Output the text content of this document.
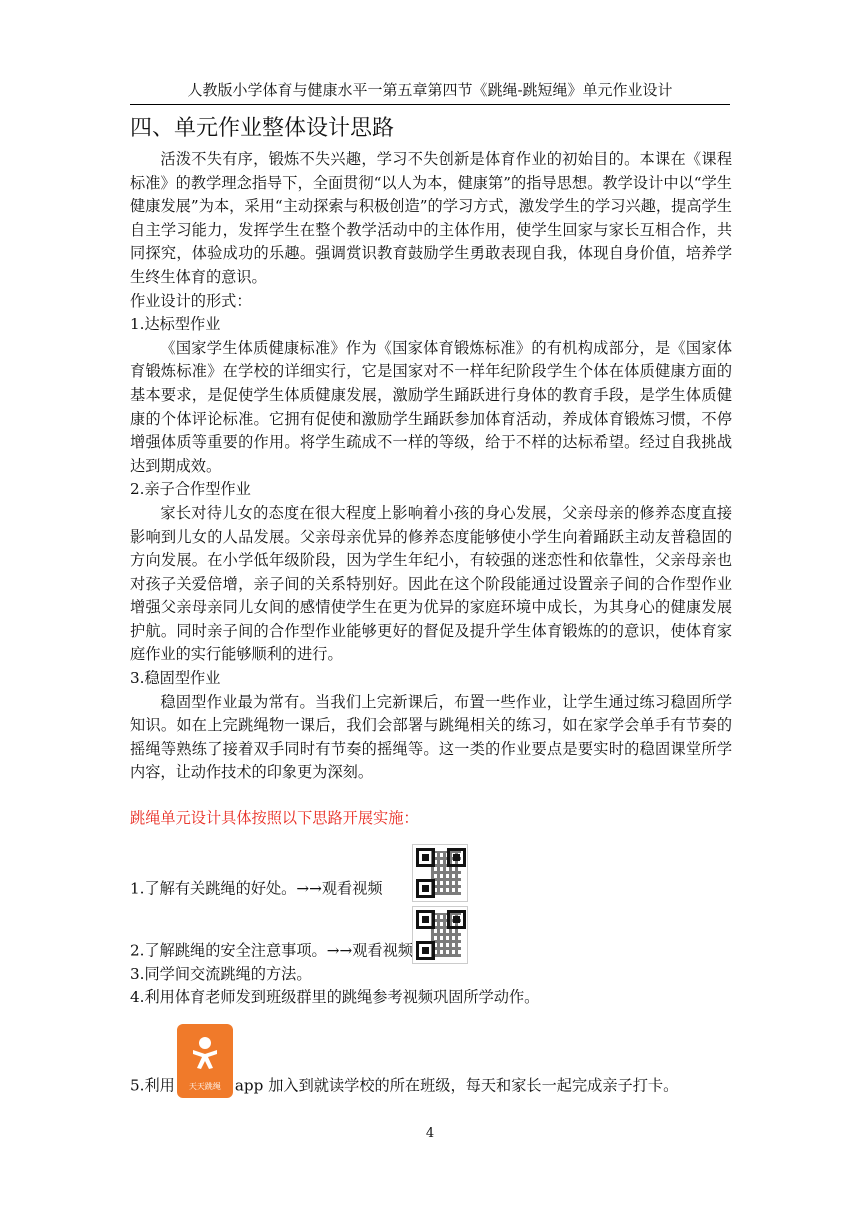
人教版小学体育与健康水平一第五章第四节《跳绳-跳短绳》单元作业设计
四、单元作业整体设计思路

活泼不失有序，锻炼不失兴趣，学习不失创新是体育作业的初始目的。本课在《课程标准》的教学理念指导下，全面贯彻“以人为本，健康第”的指导思想。教学设计中以“学生健康发展”为本，采用“主动探索与积极创造”的学习方式，激发学生的学习兴趣，提高学生自主学习能力，发挥学生在整个教学活动中的主体作用，使学生回家与家长互相合作，共同探究，体验成功的乐趣。强调赏识教育鼓励学生勇敢表现自我，体现自身价值，培养学生终生体育的意识。

作业设计的形式：

1.达标型作业

《国家学生体质健康标准》作为《国家体育锻炼标准》的有机构成部分，是《国家体育锻炼标准》在学校的详细实行，它是国家对不一样年纪阶段学生个体在体质健康方面的基本要求，是促使学生体质健康发展，激励学生踊跃进行身体的教育手段，是学生体质健康的个体评论标准。它拥有促使和激励学生踊跃参加体育活动，养成体育锻炼习惯，不停增强体质等重要的作用。将学生疏成不一样的等级，给于不样的达标希望。经过自我挑战达到期成效。

2.亲子合作型作业

家长对待儿女的态度在很大程度上影响着小孩的身心发展，父亲母亲的修养态度直接影响到儿女的人品发展。父亲母亲优异的修养态度能够使小学生向着踊跃主动友普稳固的方向发展。在小学低年级阶段，因为学生年纪小，有较强的迷恋性和依靠性，父亲母亲也对孩子关爱倍增，亲子间的关系特别好。因此在这个阶段能通过设置亲子间的合作型作业增强父亲母亲同儿女间的感情使学生在更为优异的家庭环境中成长，为其身心的健康发展护航。同时亲子间的合作型作业能够更好的督促及提升学生体育锻炼的的意识，使体育家庭作业的实行能够顺利的进行。

3.稳固型作业

稳固型作业最为常有。当我们上完新课后，布置一些作业，让学生通过练习稳固所学知识。如在上完跳绳物一课后，我们会部署与跳绳相关的练习，如在家学会单手有节奏的摇绳等熟练了接着双手同时有节奏的摇绳等。这一类的作业要点是要实时的稳固课堂所学内容，让动作技术的印象更为深刻。

跳绳单元设计具体按照以下思路开展实施：

1.了解有关跳绳的好处。→→观看视频
2.了解跳绳的安全注意事项。→→观看视频

3.同学间交流跳绳的方法。

4.利用体育老师发到班级群里的跳绳参考视频巩固所学动作。

5.利用	天天跳绳 app 加入到就读学校的所在班级，每天和家长一起完成亲子打卡。
4
